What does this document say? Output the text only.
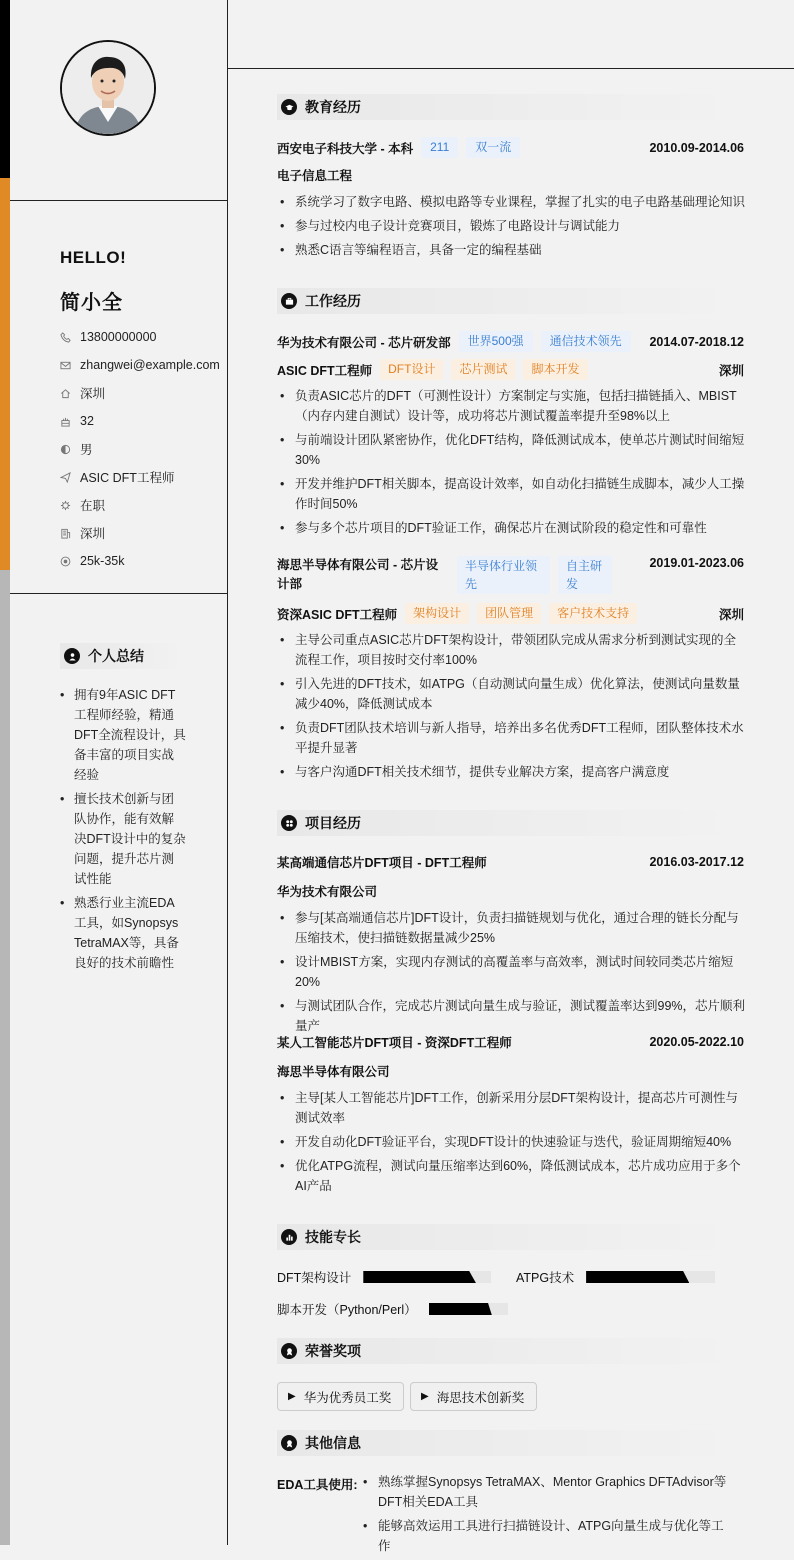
HELLO!
简小全
13800000000
zhangwei@example.com
深圳
32
男
ASIC DFT工程师
在职
深圳
25k-35k
个人总结
• 拥有9年ASIC DFT工程师经验，精通DFT全流程设计，具备丰富的项目实战经验
• 擅长技术创新与团队协作，能有效解决DFT设计中的复杂问题，提升芯片测试性能
• 熟悉行业主流EDA工具，如Synopsys TetraMAX等，具备良好的技术前瞻性
教育经历
西安电子科技大学 - 本科	211	双一流	2010.09-2014.06
电子信息工程
• 系统学习了数字电路、模拟电路等专业课程，掌握了扎实的电子电路基础理论知识
• 参与过校内电子设计竞赛项目，锻炼了电路设计与调试能力
• 熟悉C语言等编程语言，具备一定的编程基础
工作经历
华为技术有限公司 - 芯片研发部	世界500强	通信技术领先	2014.07-2018.12
ASIC DFT工程师	DFT设计	芯片测试	脚本开发	深圳
• 负责ASIC芯片的DFT（可测性设计）方案制定与实施，包括扫描链插入、MBIST（内存内建自测试）设计等，成功将芯片测试覆盖率提升至98%以上
• 与前端设计团队紧密协作，优化DFT结构，降低测试成本，使单芯片测试时间缩短30%
• 开发并维护DFT相关脚本，提高设计效率，如自动化扫描链生成脚本，减少人工操作时间50%
• 参与多个芯片项目的DFT验证工作，确保芯片在测试阶段的稳定性和可靠性
海思半导体有限公司 - 芯片设计部
半导体行业领先
自主研发
2019.01-2023.06
资深ASIC DFT工程师	架构设计	团队管理	客户技术支持	深圳
• 主导公司重点ASIC芯片DFT架构设计，带领团队完成从需求分析到测试实现的全流程工作，项目按时交付率100%
• 引入先进的DFT技术，如ATPG（自动测试向量生成）优化算法，使测试向量数量减少40%，降低测试成本
• 负责DFT团队技术培训与新人指导，培养出多名优秀DFT工程师，团队整体技术水平提升显著
• 与客户沟通DFT相关技术细节，提供专业解决方案，提高客户满意度
项目经历
某高端通信芯片DFT项目 - DFT工程师	2016.03-2017.12
华为技术有限公司
• 参与[某高端通信芯片]DFT设计，负责扫描链规划与优化，通过合理的链长分配与压缩技术，使扫描链数据量减少25%
• 设计MBIST方案，实现内存测试的高覆盖率与高效率，测试时间较同类芯片缩短20%
• 与测试团队合作，完成芯片测试向量生成与验证，测试覆盖率达到99%，芯片顺利量产
某人工智能芯片DFT项目 - 资深DFT工程师	2020.05-2022.10
海思半导体有限公司
• 主导[某人工智能芯片]DFT工作，创新采用分层DFT架构设计，提高芯片可测性与测试效率
• 开发自动化DFT验证平台，实现DFT设计的快速验证与迭代，验证周期缩短40%
• 优化ATPG流程，测试向量压缩率达到60%，降低测试成本，芯片成功应用于多个AI产品
技能专长
DFT架构设计	ATPG技术
脚本开发（Python/Perl）
荣誉奖项
▶ 华为优秀员工奖	▶ 海思技术创新奖
其他信息
EDA工具使用:
•	熟练掌握Synopsys TetraMAX、Mentor Graphics DFTAdvisor等DFT相关EDA工具
• 能够高效运用工具进行扫描链设计、ATPG向量生成与优化等工作
